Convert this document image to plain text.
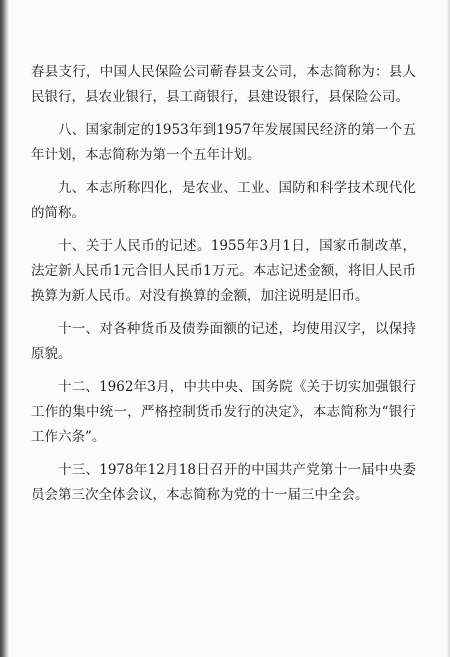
春县支行，中国人民保险公司蕲春县支公司，本志简称为：县人民银行，县农业银行，县工商银行，县建设银行，县保险公司。

八、国家制定的1953年到1957年发展国民经济的第一个五年计划，本志简称为第一个五年计划。

九、本志所称四化，是农业、工业、国防和科学技术现代化的简称。

十、关于人民币的记述。1955年3月1日，国家币制改革，法定新人民币1元合旧人民币1万元。本志记述金额，将旧人民币换算为新人民币。对没有换算的金额，加注说明是旧币。

十一、对各种货币及债券面额的记述，均使用汉字，以保持原貌。

十二、1962年3月，中共中央、国务院《关于切实加强银行工作的集中统一，严格控制货币发行的决定》，本志简称为“银行工作六条”。

十三、1978年12月18日召开的中国共产党第十一届中央委员会第三次全体会议，本志简称为党的十一届三中全会。
